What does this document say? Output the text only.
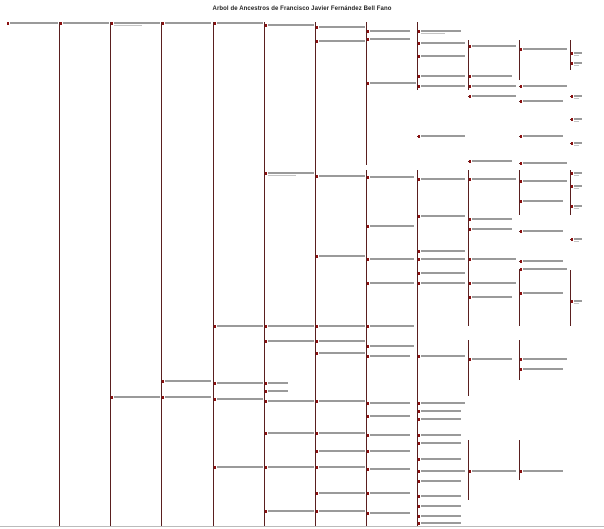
Arbol de Ancestros de Francisco Javier Fernández Bell Fano
